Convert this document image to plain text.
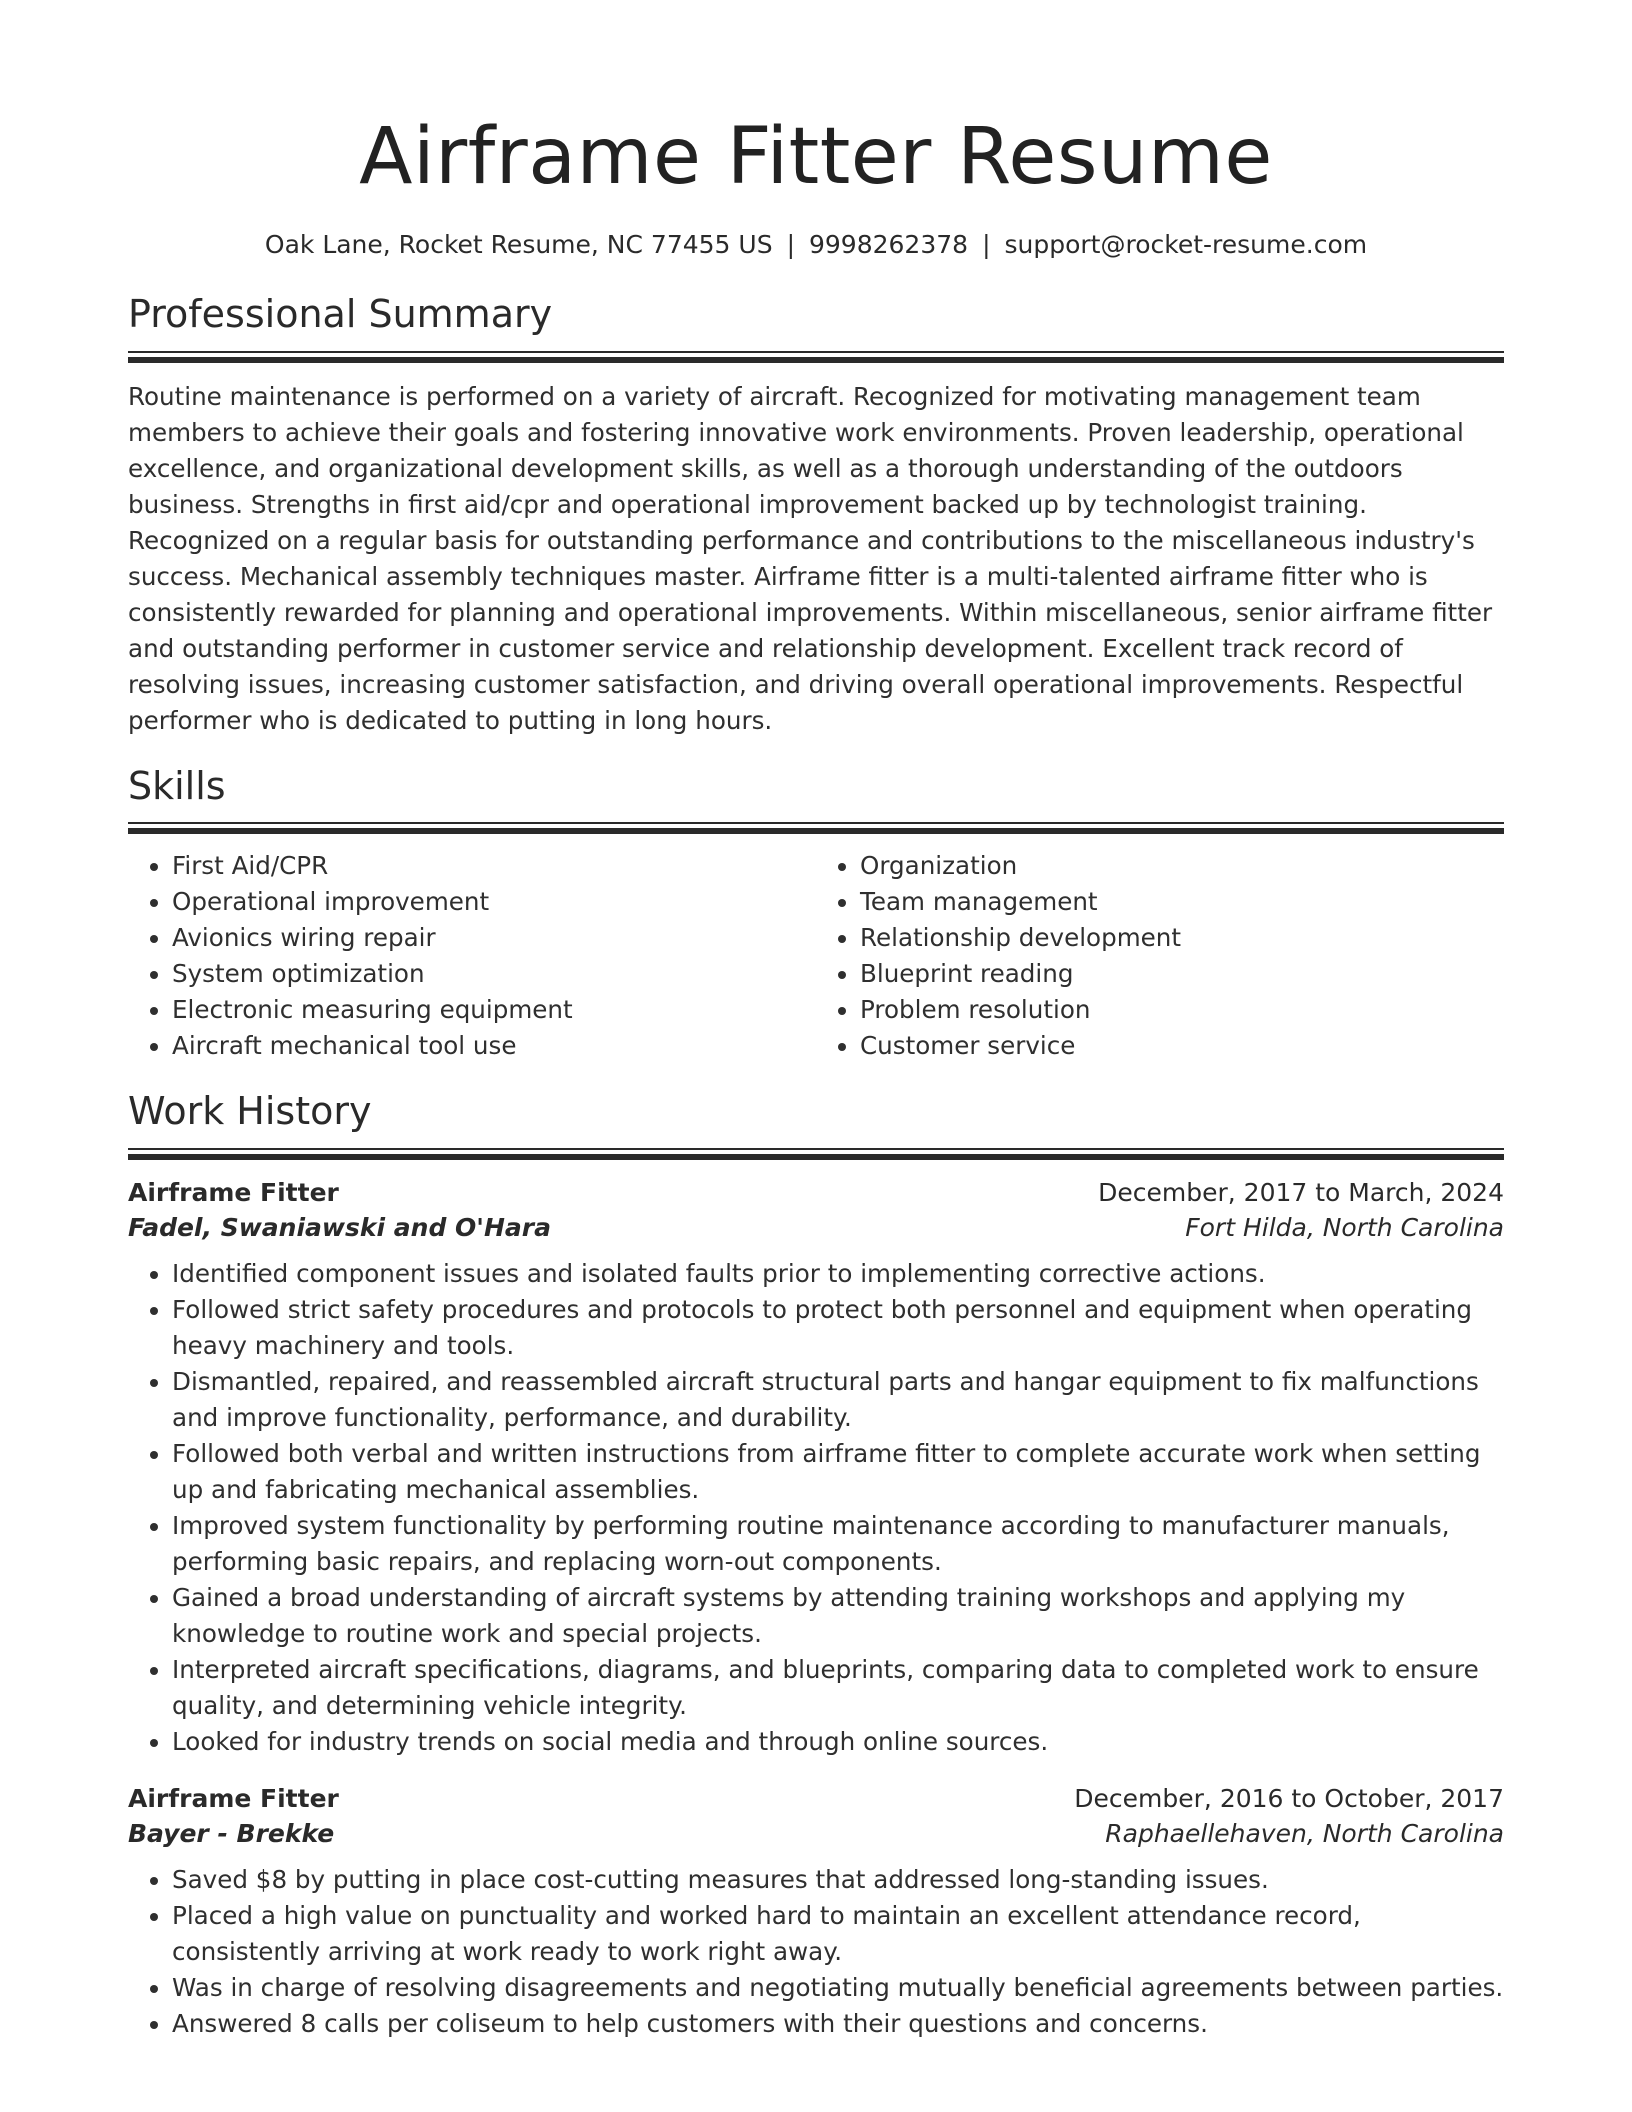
Airframe Fitter Resume
Oak Lane, Rocket Resume, NC 77455 US | 9998262378 | support@rocket-resume.com
Professional Summary

Routine maintenance is performed on a variety of aircraft. Recognized for motivating management team members to achieve their goals and fostering innovative work environments. Proven leadership, operational excellence, and organizational development skills, as well as a thorough understanding of the outdoors business. Strengths in first aid/cpr and operational improvement backed up by technologist training. Recognized on a regular basis for outstanding performance and contributions to the miscellaneous industry's success. Mechanical assembly techniques master. Airframe fitter is a multi-talented airframe fitter who is consistently rewarded for planning and operational improvements. Within miscellaneous, senior airframe fitter and outstanding performer in customer service and relationship development. Excellent track record of resolving issues, increasing customer satisfaction, and driving overall operational improvements. Respectful performer who is dedicated to putting in long hours.

Skills
• First Aid/CPR
• Operational improvement
• Avionics wiring repair
• System optimization
• Electronic measuring equipment
• Aircraft mechanical tool use
• Organization
• Team management
• Relationship development
• Blueprint reading
• Problem resolution
• Customer service
Work History
Airframe Fitter	December, 2017 to March, 2024
Fadel, Swaniawski and O'Hara	Fort Hilda, North Carolina
• Identified component issues and isolated faults prior to implementing corrective actions.
• Followed strict safety procedures and protocols to protect both personnel and equipment when operating heavy machinery and tools.
• Dismantled, repaired, and reassembled aircraft structural parts and hangar equipment to fix malfunctions and improve functionality, performance, and durability.
• Followed both verbal and written instructions from airframe fitter to complete accurate work when setting up and fabricating mechanical assemblies.
• Improved system functionality by performing routine maintenance according to manufacturer manuals, performing basic repairs, and replacing worn-out components.
• Gained a broad understanding of aircraft systems by attending training workshops and applying my knowledge to routine work and special projects.
• Interpreted aircraft specifications, diagrams, and blueprints, comparing data to completed work to ensure quality, and determining vehicle integrity.
• Looked for industry trends on social media and through online sources.
Airframe Fitter	December, 2016 to October, 2017
Bayer - Brekke	Raphaellehaven, North Carolina
• Saved $8 by putting in place cost-cutting measures that addressed long-standing issues.
• Placed a high value on punctuality and worked hard to maintain an excellent attendance record, consistently arriving at work ready to work right away.
• Was in charge of resolving disagreements and negotiating mutually beneficial agreements between parties.
• Answered 8 calls per coliseum to help customers with their questions and concerns.
